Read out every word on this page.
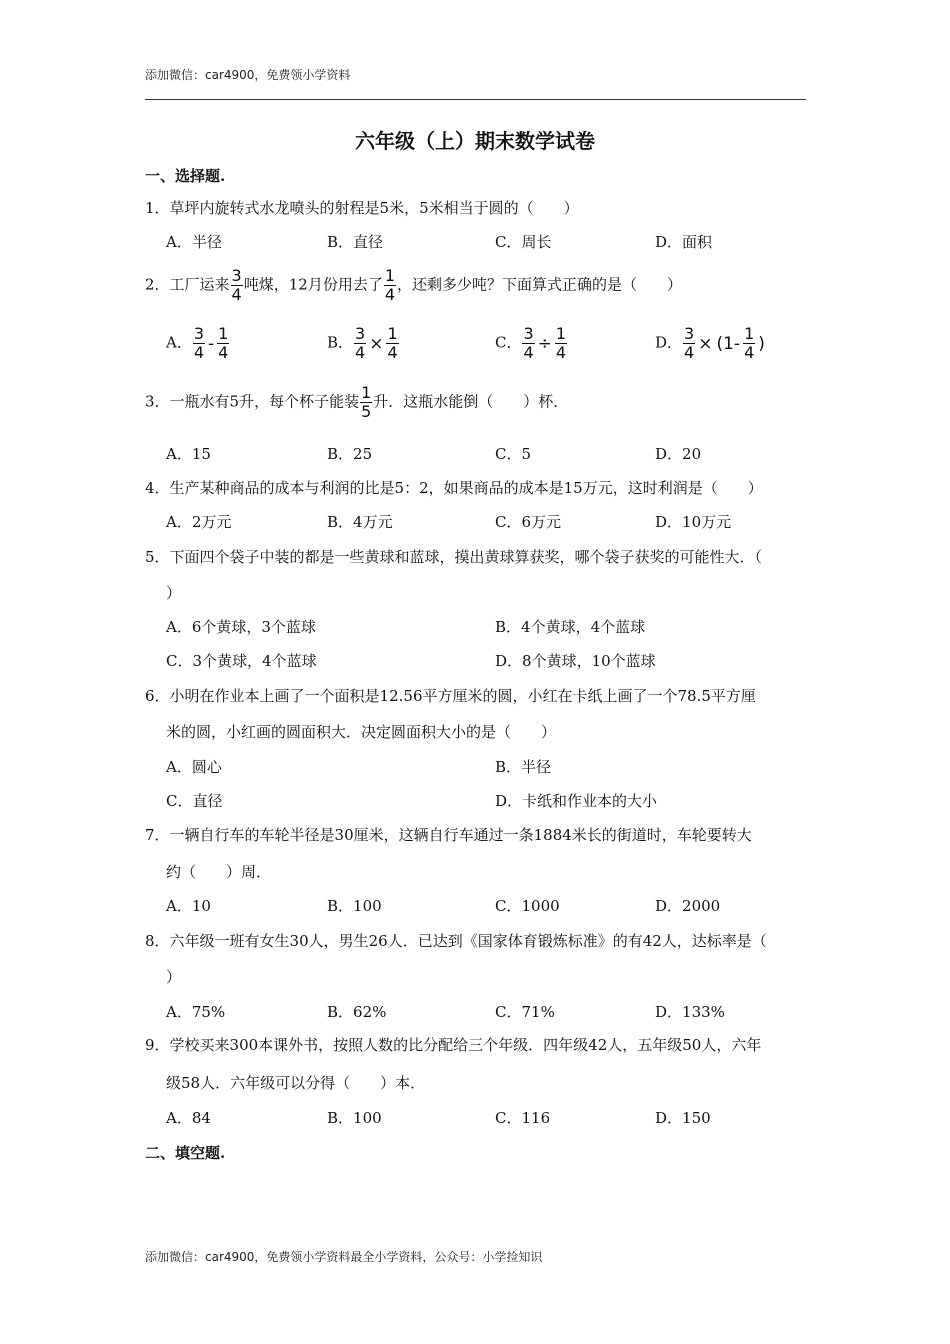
添加微信：car4900，免费领小学资料
六年级（上）期末数学试卷
一、选择题.
1．草坪内旋转式水龙喷头的射程是5米，5米相当于圆的（　　）
A．半径	B．直径	C．周长	D．面积
2．工厂运来 $\frac{3}{4}$ 吨煤，12月份用去了 $\frac{1}{4}$ ，还剩多少吨？下面算式正确的是（　　）
A． $\frac{3}{4} - \frac{1}{4}$	B． $\frac{3}{4} \times \frac{1}{4}$	C． $\frac{3}{4} \div \frac{1}{4}$	D． $\frac{3}{4} \times (1- \frac{1}{4}$ )
3．一瓶水有5升，每个杯子能装 $\frac{1}{5}$ 升．这瓶水能倒（　　）杯．
A．15	B．25	C．5	D．20
4．生产某种商品的成本与利润的比是5：2，如果商品的成本是15万元，这时利润是（　　）
A．2万元	B．4万元	C．6万元	D．10万元
5．下面四个袋子中装的都是一些黄球和蓝球，摸出黄球算获奖，哪个袋子获奖的可能性大．（
）
A．6个黄球，3个蓝球	B．4个黄球，4个蓝球
C．3个黄球，4个蓝球	D．8个黄球，10个蓝球
6．小明在作业本上画了一个面积是12.56平方厘米的圆，小红在卡纸上画了一个78.5平方厘
米的圆，小红画的圆面积大．决定圆面积大小的是（　　）
A．圆心	B．半径
C．直径	D．卡纸和作业本的大小
7．一辆自行车的车轮半径是30厘米，这辆自行车通过一条1884米长的街道时，车轮要转大
约（　　）周．
A．10	B．100	C．1000	D．2000
8．六年级一班有女生30人，男生26人．已达到《国家体育锻炼标准》的有42人，达标率是（
）
A．75%	B．62%	C．71%	D．133%
9．学校买来300本课外书，按照人数的比分配给三个年级．四年级42人，五年级50人，六年
级58人．六年级可以分得（　　）本．
A．84	B．100	C．116	D．150
二、填空题.
添加微信：car4900，免费领小学资料最全小学资料，公众号：小学捡知识
